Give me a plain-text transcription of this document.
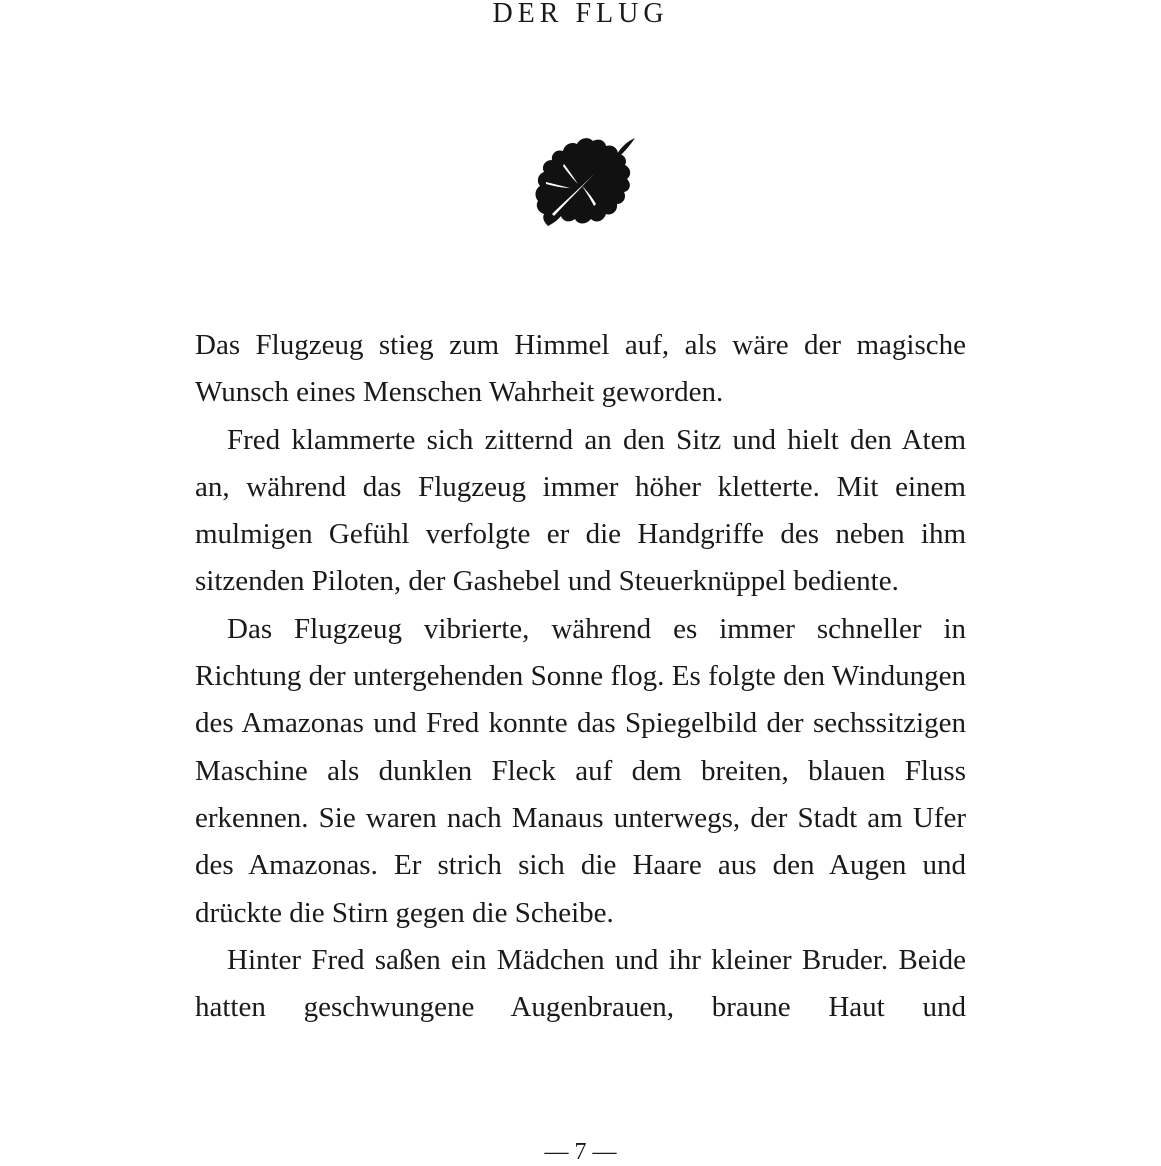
DER FLUG

Das Flugzeug stieg zum Himmel auf, als wäre der magische Wunsch eines Menschen Wahrheit geworden.

Fred klammerte sich zitternd an den Sitz und hielt den Atem an, während das Flugzeug immer höher kletterte. Mit einem mulmigen Gefühl verfolgte er die Handgriffe des neben ihm sitzenden Piloten, der Gashebel und Steuerknüppel bediente.

Das Flugzeug vibrierte, während es immer schneller in Richtung der untergehenden Sonne flog. Es folgte den Windungen des Amazonas und Fred konnte das Spiegelbild der sechssitzigen Maschine als dunklen Fleck auf dem breiten, blauen Fluss erkennen. Sie waren nach Manaus unterwegs, der Stadt am Ufer des Amazonas. Er strich sich die Haare aus den Augen und drückte die Stirn gegen die Scheibe.

Hinter Fred saßen ein Mädchen und ihr kleiner Bruder. Beide hatten geschwungene Augenbrauen, braune Haut und

— 7 —
